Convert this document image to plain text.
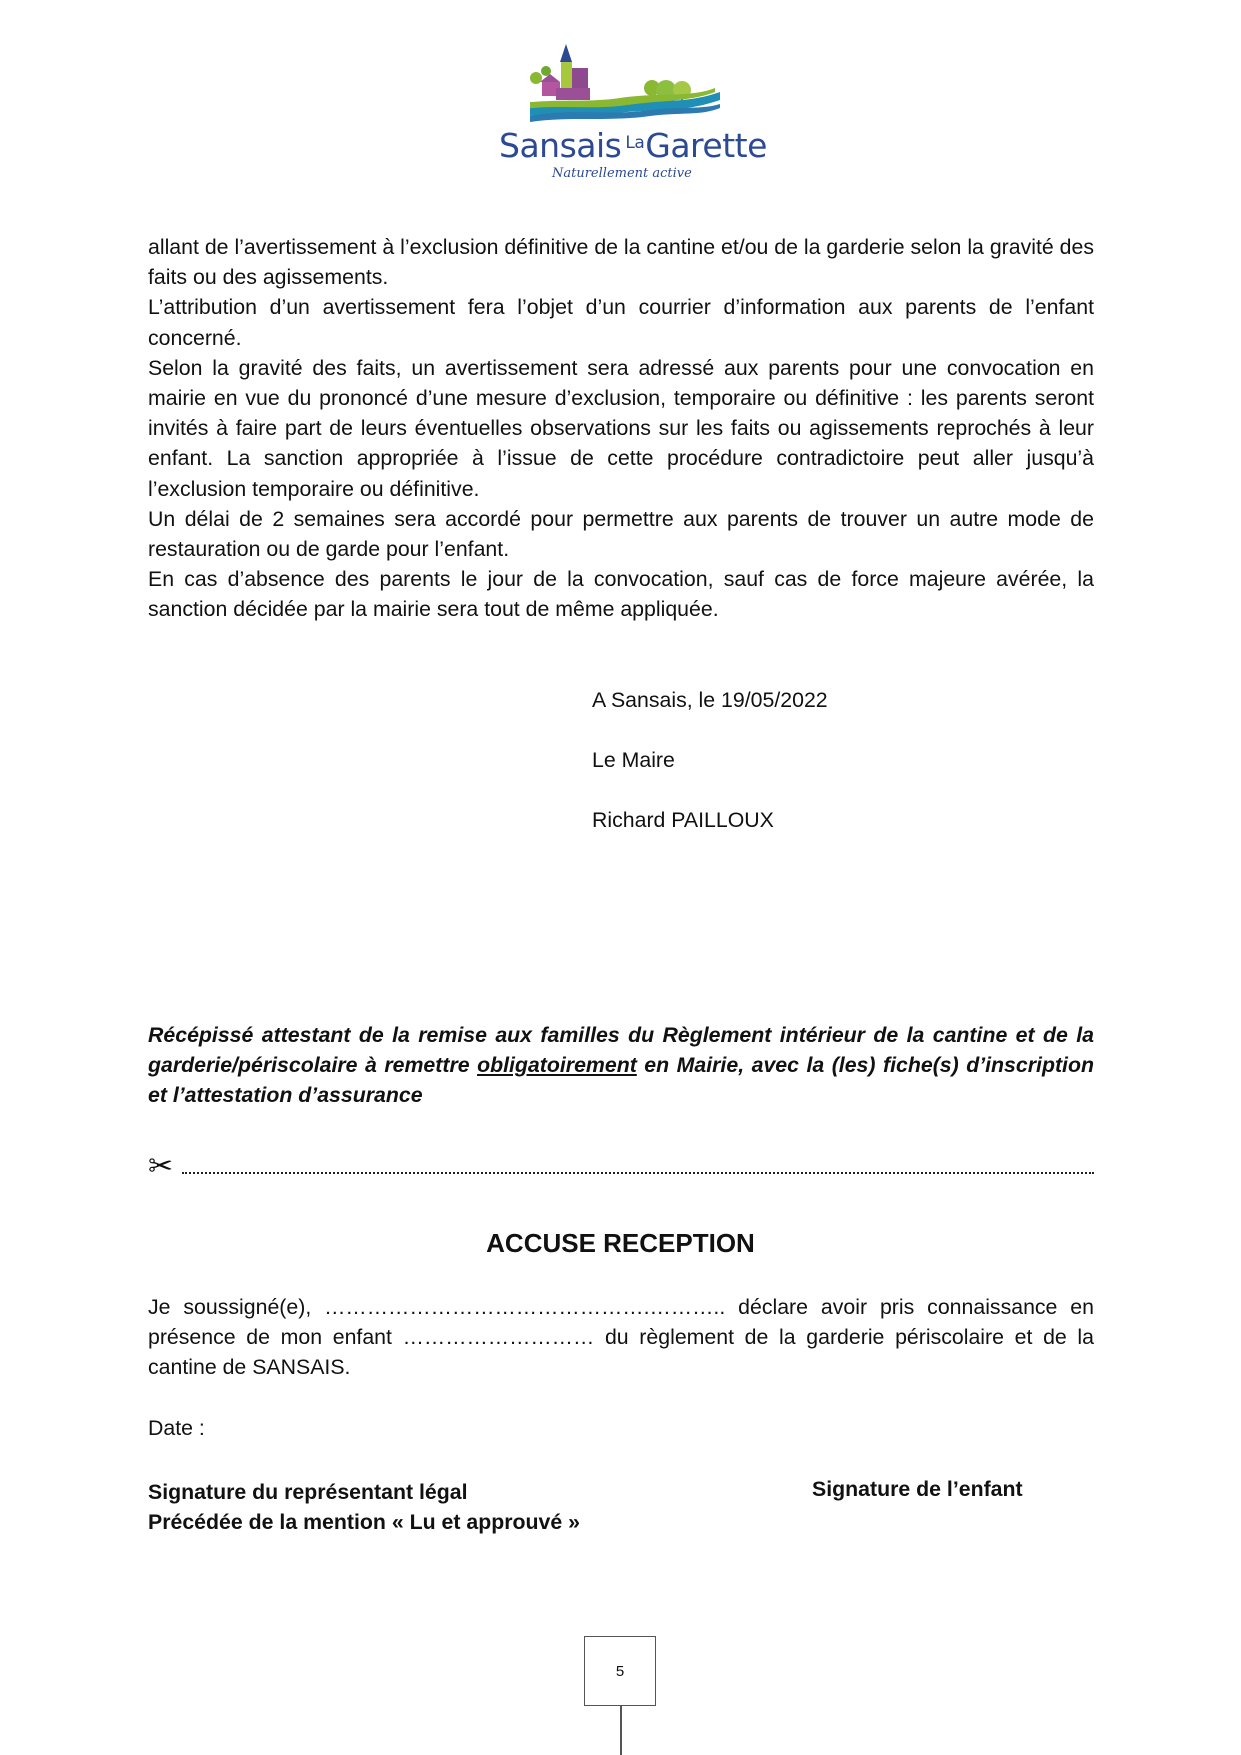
Sansais $^{La}$Garette
Naturellement active

allant de l’avertissement à l’exclusion définitive de la cantine et/ou de la garderie selon la gravité des faits ou des agissements.

L’attribution d’un avertissement fera l’objet d’un courrier d’information aux parents de l’enfant concerné.

Selon la gravité des faits, un avertissement sera adressé aux parents pour une convocation en mairie en vue du prononcé d’une mesure d’exclusion, temporaire ou définitive : les parents seront invités à faire part de leurs éventuelles observations sur les faits ou agissements reprochés à leur enfant. La sanction appropriée à l’issue de cette procédure contradictoire peut aller jusqu’à l’exclusion temporaire ou définitive.

Un délai de 2 semaines sera accordé pour permettre aux parents de trouver un autre mode de restauration ou de garde pour l’enfant.

En cas d’absence des parents le jour de la convocation, sauf cas de force majeure avérée, la sanction décidée par la mairie sera tout de même appliquée.

A Sansais, le 19/05/2022
Le Maire
Richard PAILLOUX
Récépissé attestant de la remise aux familles du Règlement intérieur de la cantine et de la garderie/périscolaire à remettre obligatoirement en Mairie, avec la (les) fiche(s) d’inscription et l’attestation d’assurance
✂
ACCUSE RECEPTION

Je soussigné(e), ……………………………………….……….. déclare avoir pris connaissance en présence de mon enfant ……………………… du règlement de la garderie périscolaire et de la cantine de SANSAIS.

Date :
Signature du représentant légal
Précédée de la mention « Lu et approuvé »
Signature de l’enfant
5
